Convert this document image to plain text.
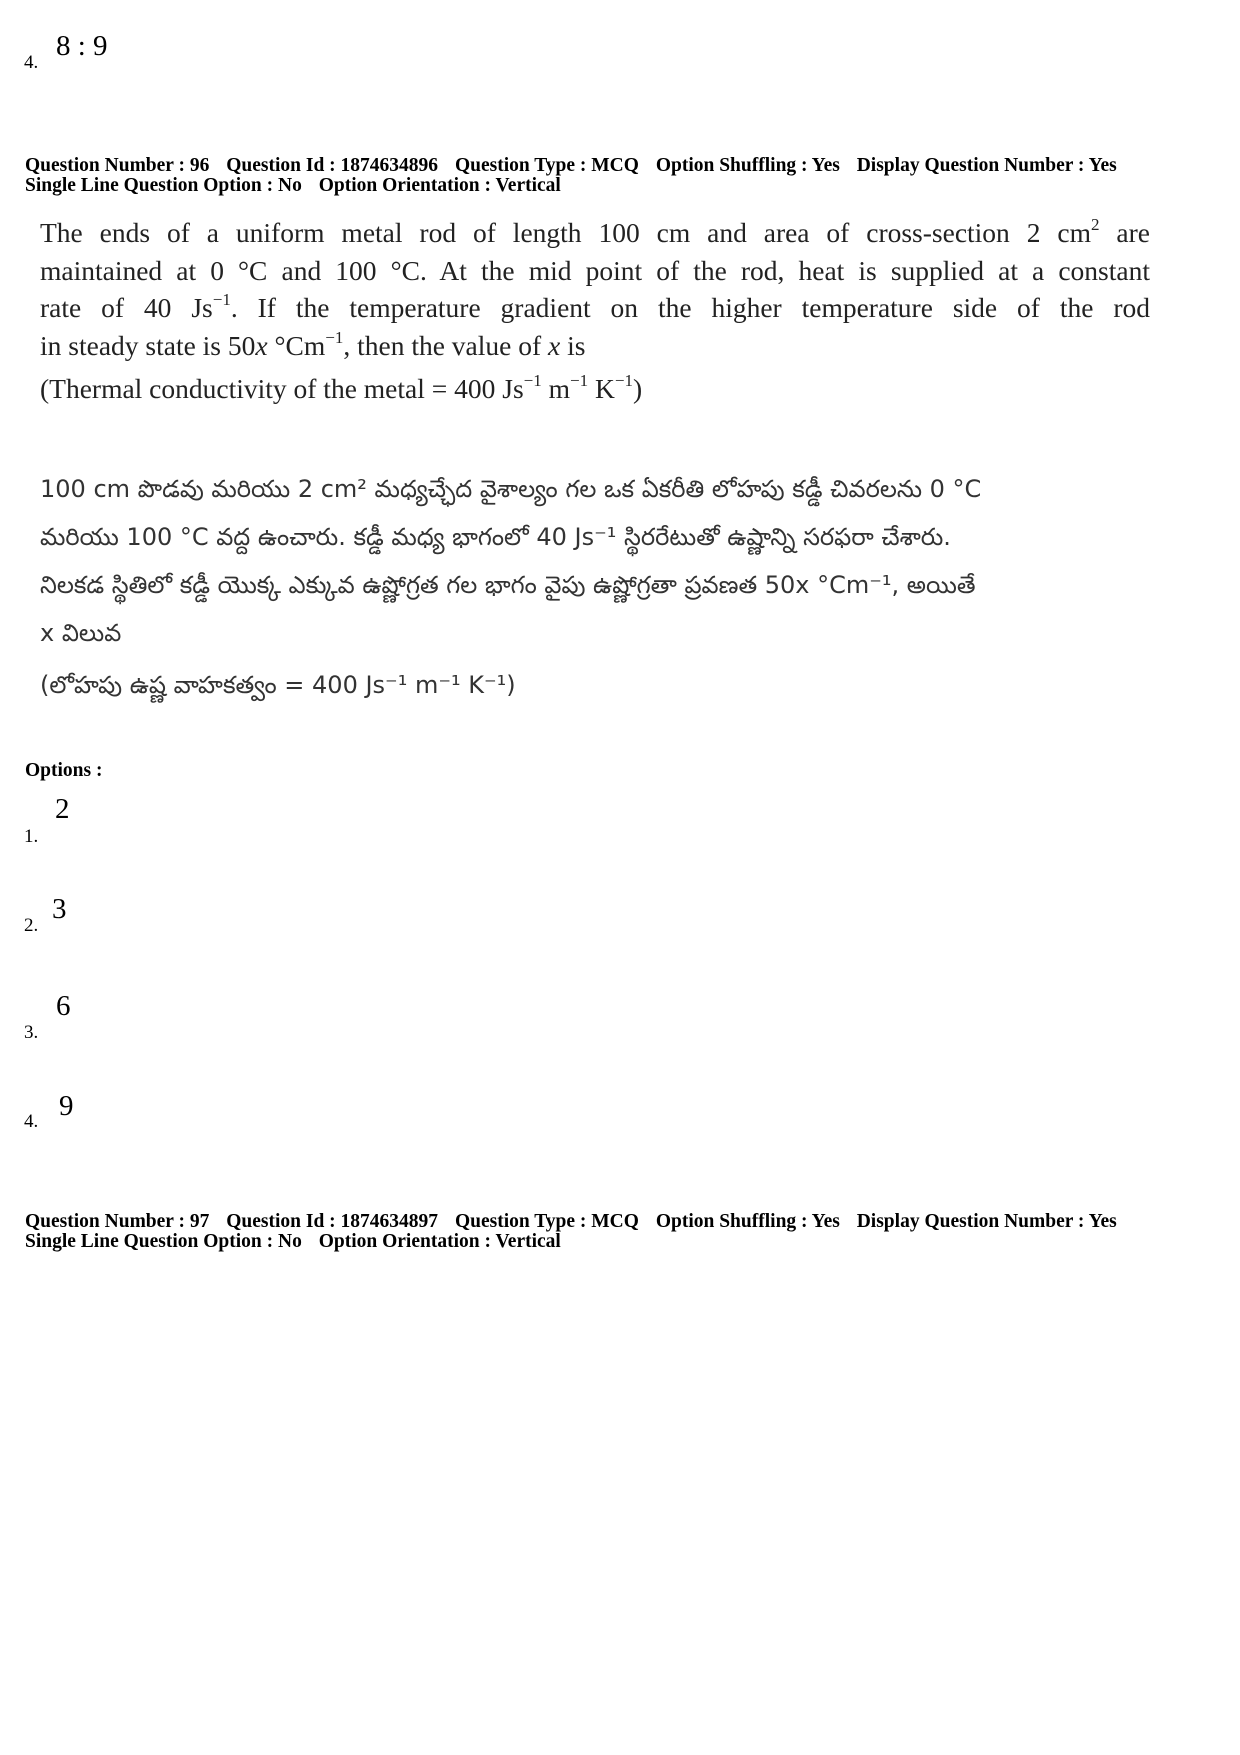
4.
8 : 9
Question Number : 96 Question Id : 1874634896 Question Type : MCQ Option Shuffling : Yes Display Question Number : Yes
Single Line Question Option : No Option Orientation : Vertical
The ends of a uniform metal rod of length 100 cm and area of cross-section 2 $cm^2$ are
maintained at 0 °C and 100 °C. At the mid point of the rod, heat is supplied at a constant
rate of 40 $Js^{-1}$. If the temperature gradient on the higher temperature side of the rod
in steady state is 50x $^\circ Cm^{-1}$, then the value of x is
(Thermal conductivity of the metal = 400 $Js^{-1}$ $m^{-1}$ $K^{-1}$)
100 cm పొడవు మరియు 2 cm² మధ్యచ్ఛేద వైశాల్యం గల ఒక ఏకరీతి లోహపు కడ్డీ చివరలను 0 °C
మరియు 100 °C వద్ద ఉంచారు. కడ్డీ మధ్య భాగంలో 40 Js⁻¹ స్థిరరేటుతో ఉష్ణాన్ని సరఫరా చేశారు.
నిలకడ స్థితిలో కడ్డీ యొక్క ఎక్కువ ఉష్ణోగ్రత గల భాగం వైపు ఉష్ణోగ్రతా ప్రవణత 50x °Cm⁻¹, అయితే
x విలువ
(లోహపు ఉష్ణ వాహకత్వం = 400 Js⁻¹ m⁻¹ K⁻¹)
Options :
1.
2
2.
3
3.
6
4. 9
Question Number : 97 Question Id : 1874634897 Question Type : MCQ Option Shuffling : Yes Display Question Number : Yes
Single Line Question Option : No Option Orientation : Vertical
